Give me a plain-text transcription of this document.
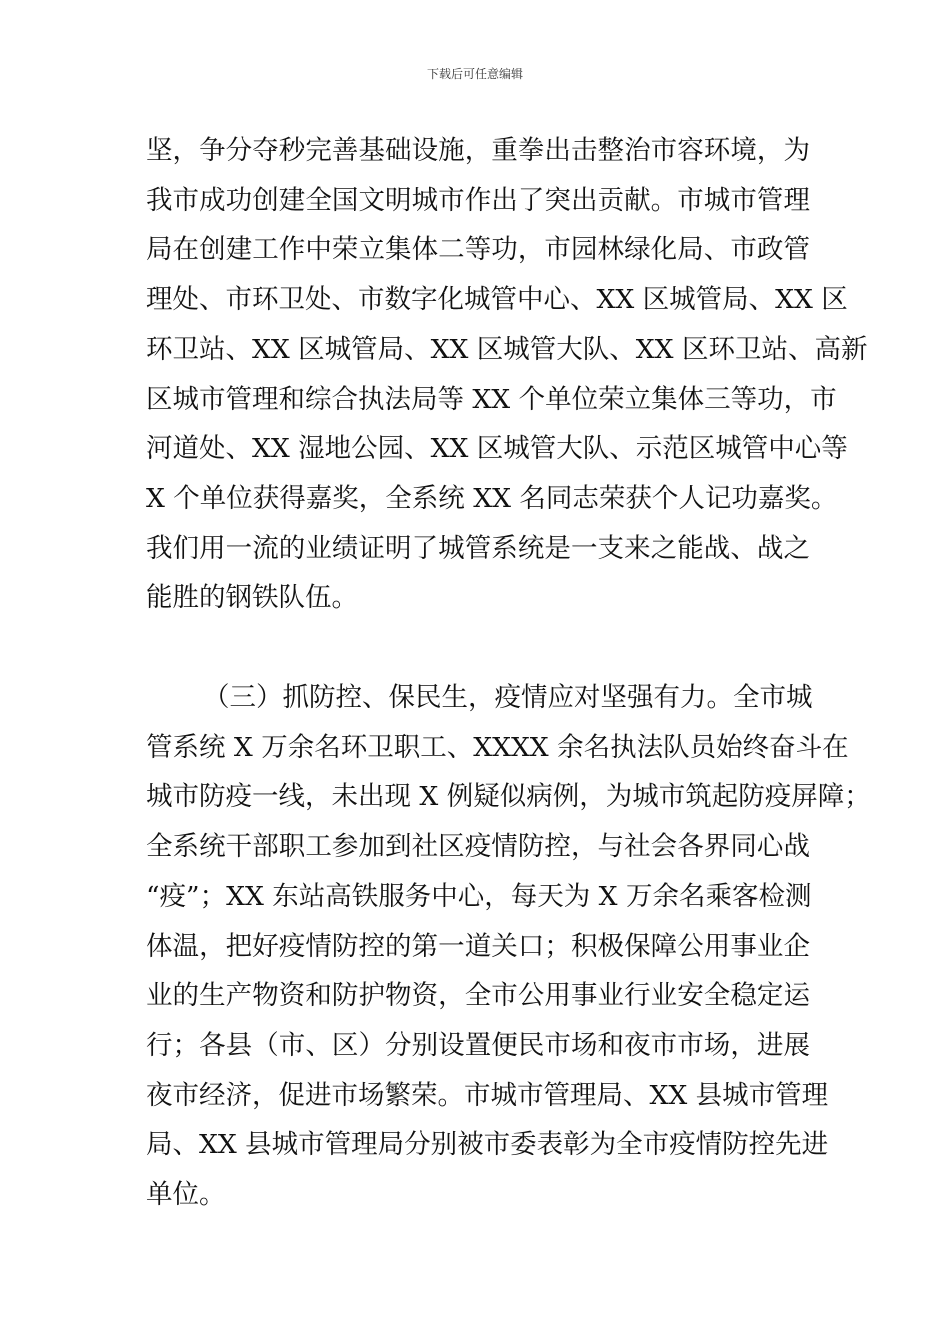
下载后可任意编辑
坚，争分夺秒完善基础设施，重拳出击整治市容环境，为
我市成功创建全国文明城市作出了突出贡献。市城市管理
局在创建工作中荣立集体二等功，市园林绿化局、市政管
理处、市环卫处、市数字化城管中心、XX 区城管局、XX 区
环卫站、XX 区城管局、XX 区城管大队、XX 区环卫站、高新
区城市管理和综合执法局等 XX 个单位荣立集体三等功，市
河道处、XX 湿地公园、XX 区城管大队、示范区城管中心等
X 个单位获得嘉奖，全系统 XX 名同志荣获个人记功嘉奖。
我们用一流的业绩证明了城管系统是一支来之能战、战之
能胜的钢铁队伍。
（三）抓防控、保民生，疫情应对坚强有力。全市城
管系统 X 万余名环卫职工、XXXX 余名执法队员始终奋斗在
城市防疫一线，未出现 X 例疑似病例，为城市筑起防疫屏障；
全系统干部职工参加到社区疫情防控，与社会各界同心战
“疫”；XX 东站高铁服务中心，每天为 X 万余名乘客检测
体温，把好疫情防控的第一道关口；积极保障公用事业企
业的生产物资和防护物资，全市公用事业行业安全稳定运
行；各县（市、区）分别设置便民市场和夜市市场，进展
夜市经济，促进市场繁荣。市城市管理局、XX 县城市管理
局、XX 县城市管理局分别被市委表彰为全市疫情防控先进
单位。
